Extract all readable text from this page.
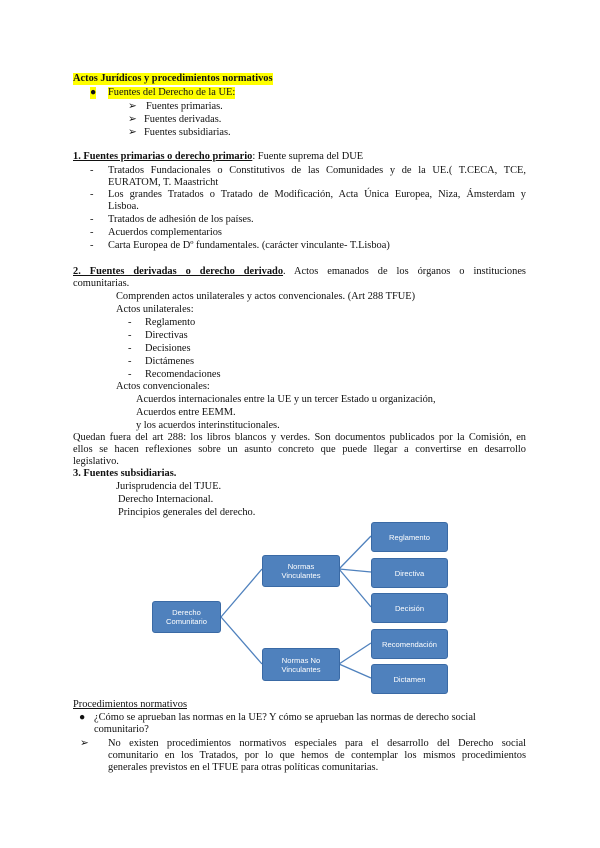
Actos Jurídicos y procedimientos normativos
● Fuentes del Derecho de la UE:
➢ Fuentes primarias.
➢ Fuentes derivadas.
➢ Fuentes subsidiarias.
1. Fuentes primarias o derecho primario: Fuente suprema del DUE
- Tratados Fundacionales o Constitutivos de las Comunidades y de la UE.( T.CECA, TCE,
EURATOM, T. Maastricht
- Los grandes Tratados o Tratado de Modificación, Acta Única Europea, Niza, Ámsterdam y
Lisboa.
- Tratados de adhesión de los países.
- Acuerdos complementarios
- Carta Europea de Dº fundamentales. (carácter vinculante- T.Lisboa)
2. Fuentes derivadas o derecho derivado. Actos emanados de los órganos o instituciones
comunitarias.
Comprenden actos unilaterales y actos convencionales. (Art 288 TFUE)
Actos unilaterales:
- Reglamento
- Directivas
- Decisiones
- Dictámenes
- Recomendaciones
Actos convencionales:
Acuerdos internacionales entre la UE y un tercer Estado u organización,
Acuerdos entre EEMM.
y los acuerdos interinstitucionales.
Quedan fuera del art 288: los libros blancos y verdes. Son documentos publicados por la Comisión, en
ellos se hacen reflexiones sobre un asunto concreto que puede llegar a convertirse en desarrollo
legislativo.
3. Fuentes subsidiarias.
Jurisprudencia del TJUE.
Derecho Internacional.
Principios generales del derecho.
Derecho
Comunitario
Normas
Vinculantes
Normas No
Vinculantes
Reglamento
Directiva
Decisión
Recomendación
Dictamen
Procedimientos normativos
● ¿Cómo se aprueban las normas en la UE? Y cómo se aprueban las normas de derecho social
comunitario?
➢ No existen procedimientos normativos especiales para el desarrollo del Derecho social
comunitario en los Tratados, por lo que hemos de contemplar los mismos procedimientos
generales previstos en el TFUE para otras políticas comunitarias.
